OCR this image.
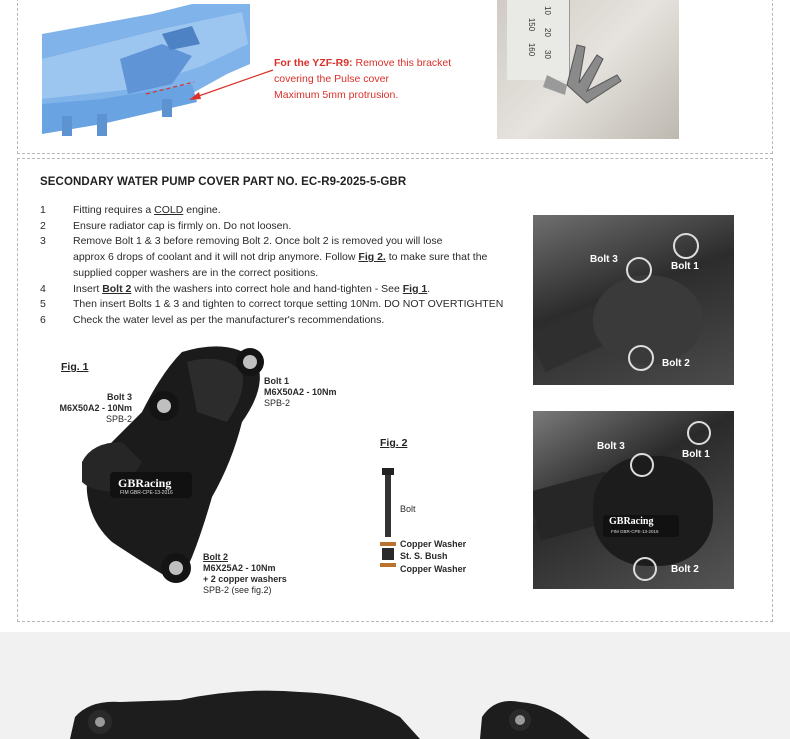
For the YZF-R9: Remove this bracket
covering the Pulse cover
Maximum 5mm protrusion.
150
160
10
20
30
SECONDARY WATER PUMP COVER PART NO. EC-R9-2025-5-GBR
1	Fitting requires a COLD engine.
2	Ensure radiator cap is firmly on. Do not loosen.
3	Remove Bolt 1 & 3 before removing Bolt 2. Once bolt 2 is removed you will lose
approx 6 drops of coolant and it will not drip anymore. Follow Fig 2. to make sure that the
supplied copper washers are in the correct positions.
4	Insert Bolt 2 with the washers into correct hole and hand-tighten - See Fig 1.
5	Then insert Bolts 1 & 3 and tighten to correct torque setting 10Nm. DO NOT OVERTIGHTEN
6	Check the water level as per the manufacturer's recommendations.
Fig. 1
GBRacing
FIM GBR-CPE-13-2016
Bolt 3
M6X50A2 - 10Nm
SPB-2
Bolt 1
M6X50A2 - 10Nm
SPB-2
Bolt 2
M6X25A2 - 10Nm
+ 2 copper washers
SPB-2 (see fig.2)
Fig. 2
Bolt
Copper Washer
St. S. Bush
Copper Washer
Bolt 3
Bolt 1
Bolt 2
GBRacing
FIM GBR-CPE-13-2016
Bolt 3
Bolt 1
Bolt 2
